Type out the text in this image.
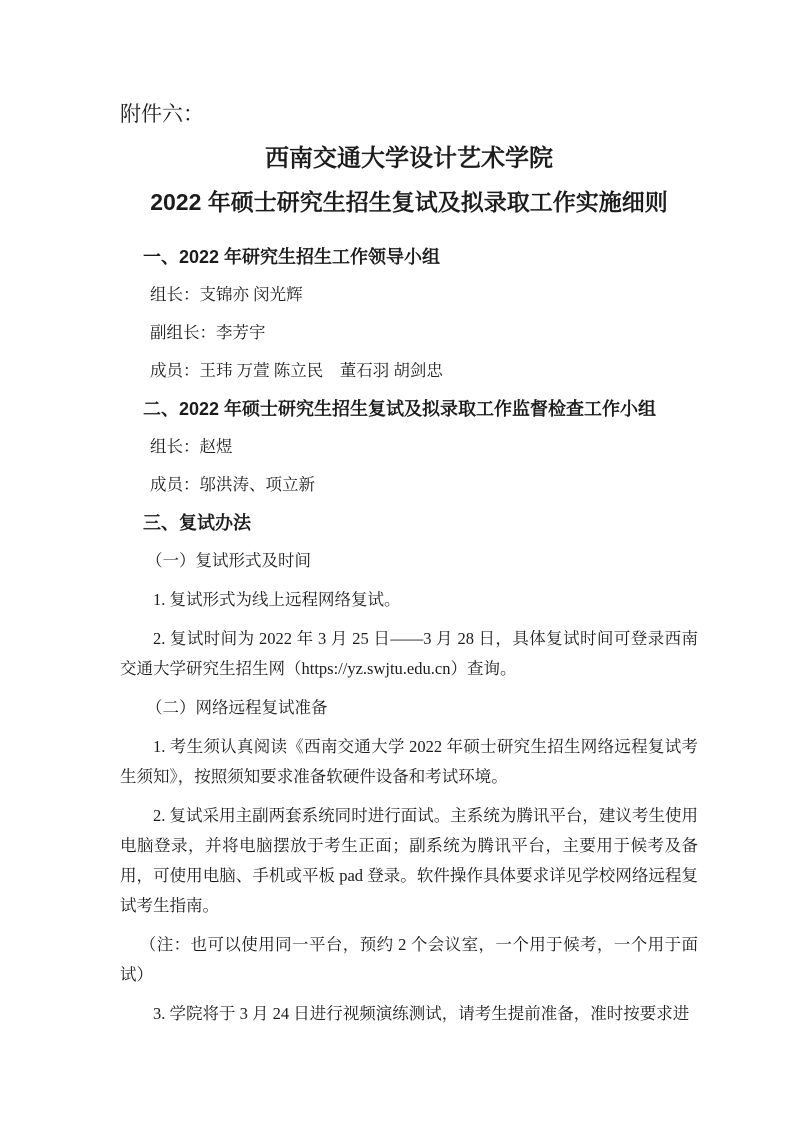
附件六：

西南交通大学设计艺术学院

2022 年硕士研究生招生复试及拟录取工作实施细则

一、2022 年研究生招生工作领导小组

组长：支锦亦 闵光辉

副组长：李芳宇

成员：王玮 万萱 陈立民　董石羽 胡剑忠

二、2022 年硕士研究生招生复试及拟录取工作监督检查工作小组

组长：赵煜

成员：邬洪涛、项立新

三、复试办法

（一）复试形式及时间

1. 复试形式为线上远程网络复试。

2. 复试时间为 2022 年 3 月 25 日——3 月 28 日，具体复试时间可登录西南交通大学研究生招生网（https://yz.swjtu.edu.cn）查询。

（二）网络远程复试准备

1. 考生须认真阅读《西南交通大学 2022 年硕士研究生招生网络远程复试考生须知》，按照须知要求准备软硬件设备和考试环境。

2. 复试采用主副两套系统同时进行面试。主系统为腾讯平台，建议考生使用电脑登录，并将电脑摆放于考生正面；副系统为腾讯平台，主要用于候考及备用，可使用电脑、手机或平板 pad 登录。软件操作具体要求详见学校网络远程复试考生指南。

（注：也可以使用同一平台，预约 2 个会议室，一个用于候考，一个用于面试）

3. 学院将于 3 月 24 日进行视频演练测试，请考生提前准备，准时按要求进
